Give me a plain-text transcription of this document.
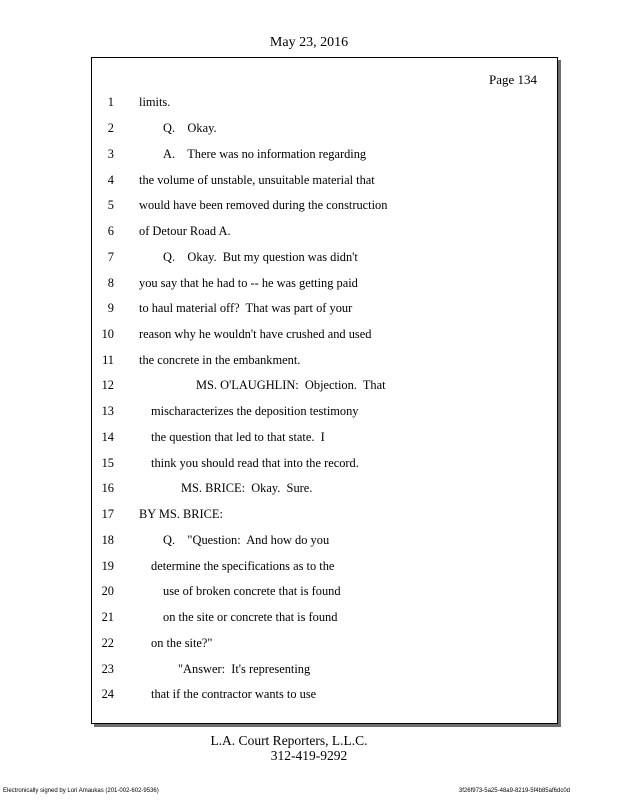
May 23, 2016
Page 134
1 limits.
2	Q.    Okay.
3	A.    There was no information regarding
4 the volume of unstable, unsuitable material that
5 would have been removed during the construction
6 of Detour Road A.
7	Q.    Okay.  But my question was didn't
8 you say that he had to -- he was getting paid
9 to haul material off?  That was part of your
10 reason why he wouldn't have crushed and used
11 the concrete in the embankment.
12	MS. O'LAUGHLIN:  Objection.  That
13	mischaracterizes the deposition testimony
14	the question that led to that state.  I
15	think you should read that into the record.
16	MS. BRICE:  Okay.  Sure.
17 BY MS. BRICE:
18	Q.    "Question:  And how do you
19	determine the specifications as to the
20	use of broken concrete that is found
21	on the site or concrete that is found
22	on the site?"
23	"Answer:  It's representing
24	that if the contractor wants to use
L.A. Court Reporters, L.L.C.
312-419-9292
Electronically signed by Lori Amaukas (201-002-602-9536)	3f26f973-5a25-48a9-8219-5f4b85af6dc0d
